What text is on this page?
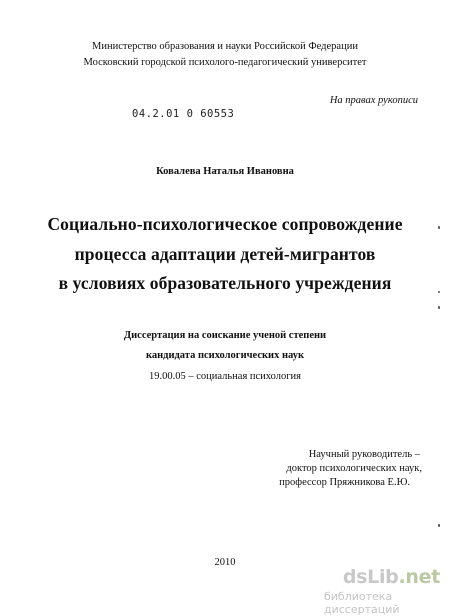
Министерство образования и науки Российской Федерации
Московский городской психолого-педагогический университет
На правах рукописи
04.2.01 0 60553
Ковалева Наталья Ивановна
Социально-психологическое сопровождение
процесса адаптации детей-мигрантов
в условиях образовательного учреждения
Диссертация на соискание ученой степени
кандидата психологических наук
19.00.05 – социальная психология
Научный руководитель –
доктор психологических наук,
профессор Пряжникова Е.Ю.
2010
dsLib.net
библиотека диссертаций
